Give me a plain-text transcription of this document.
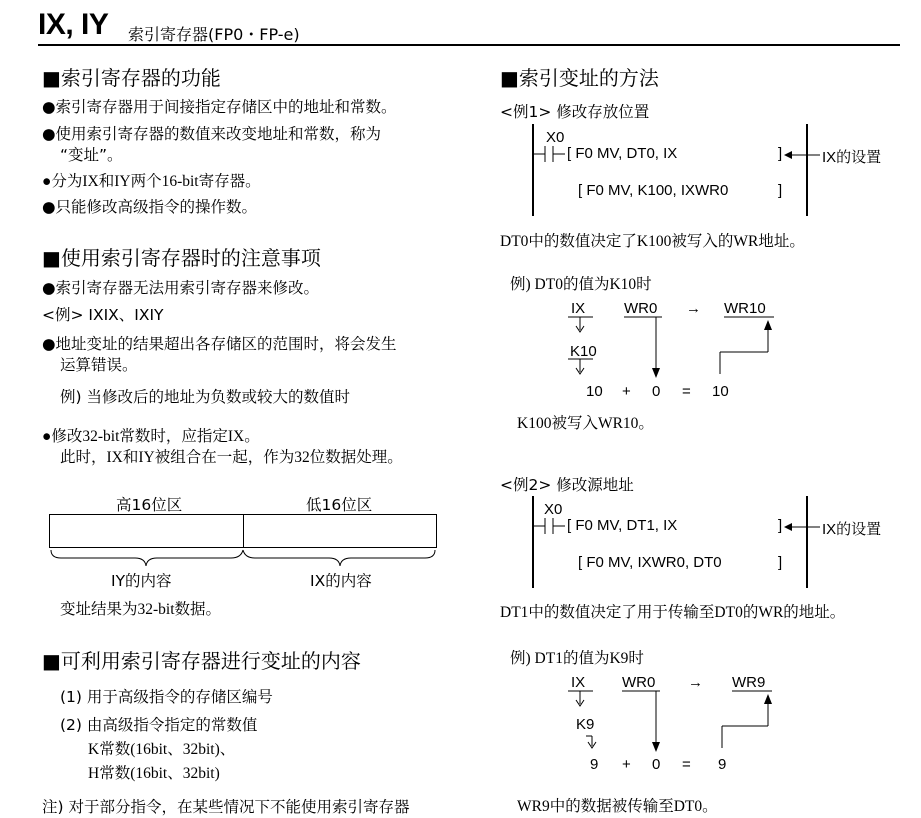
IX, IY 索引寄存器(FP0・FP-e)
■索引寄存器的功能
●索引寄存器用于间接指定存储区中的地址和常数。
●使用索引寄存器的数值来改变地址和常数，称为
“变址”。
●分为IX和IY两个16-bit寄存器。
●只能修改高级指令的操作数。
■使用索引寄存器时的注意事项
●索引寄存器无法用索引寄存器来修改。
<例> IXIX、IXIY
●地址变址的结果超出各存储区的范围时，将会发生
运算错误。
例) 当修改后的地址为负数或较大的数值时
●修改32-bit常数时，应指定IX。
此时，IX和IY被组合在一起，作为32位数据处理。
高16位区	低16位区
IY的内容	IX的内容
变址结果为32-bit数据。
■可利用索引寄存器进行变址的内容
(1) 用于高级指令的存储区编号
(2) 由高级指令指定的常数值
K常数(16bit、32bit)、
H常数(16bit、32bit)
注) 对于部分指令，在某些情况下不能使用索引寄存器
■索引变址的方法
<例1> 修改存放位置
X0
[ F0 MV, DT0, IX	]
[ F0 MV, K100, IXWR0	]
IX的设置
DT0中的数值决定了K100被写入的WR地址。
例) DT0的值为K10时
IX	WR0 → WR10
K10
10 + 0 = 10
K100被写入WR10。
<例2> 修改源地址
X0
[ F0 MV, DT1, IX	]
[ F0 MV, IXWR0, DT0	]
IX的设置
DT1中的数值决定了用于传输至DT0的WR的地址。
例) DT1的值为K9时
IX WR0 → WR9
K9
9 + 0 = 9
WR9中的数据被传输至DT0。
